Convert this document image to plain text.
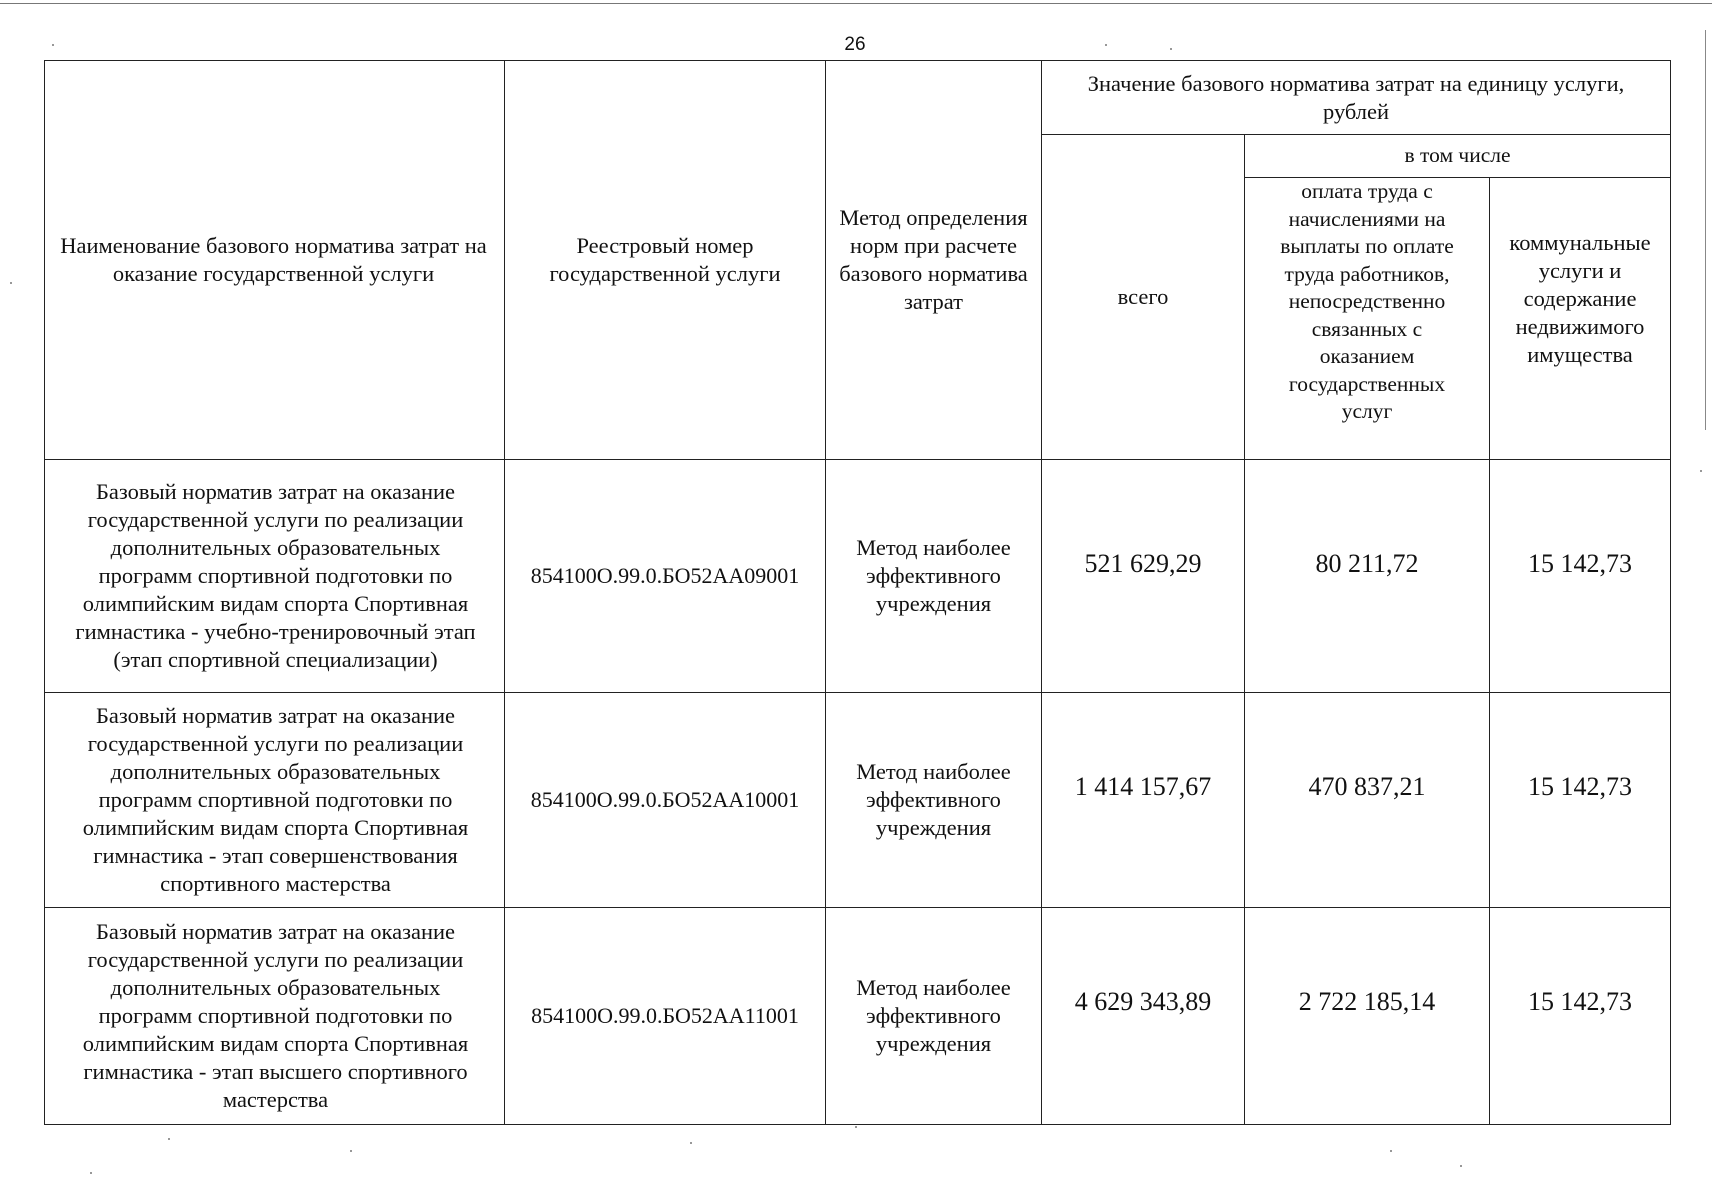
26
Наименование базового норматива затрат на оказание государственной услуги	Реестровый номер государственной услуги	Метод определения норм при расчете базового норматива затрат	Значение базового норматива затрат на единицу услуги, рублей		
			всего	в том числе	
				оплата труда с начислениями на выплаты по оплате труда работников, непосредственно связанных с оказанием государственных услуг	коммунальные услуги и содержание недвижимого имущества
Базовый норматив затрат на оказание государственной услуги по реализации дополнительных образовательных программ спортивной подготовки по олимпийским видам спорта Спортивная гимнастика - учебно-тренировочный этап (этап спортивной специализации)	854100О.99.0.БО52АА09001	Метод наиболее эффективного учреждения	521 629,29	80 211,72	15 142,73
Базовый норматив затрат на оказание государственной услуги по реализации дополнительных образовательных программ спортивной подготовки по олимпийским видам спорта Спортивная гимнастика - этап совершенствования спортивного мастерства	854100О.99.0.БО52АА10001	Метод наиболее эффективного учреждения	1 414 157,67	470 837,21	15 142,73
Базовый норматив затрат на оказание государственной услуги по реализации дополнительных образовательных программ спортивной подготовки по олимпийским видам спорта Спортивная гимнастика - этап высшего спортивного мастерства	854100О.99.0.БО52АА11001	Метод наиболее эффективного учреждения	4 629 343,89	2 722 185,14	15 142,73
